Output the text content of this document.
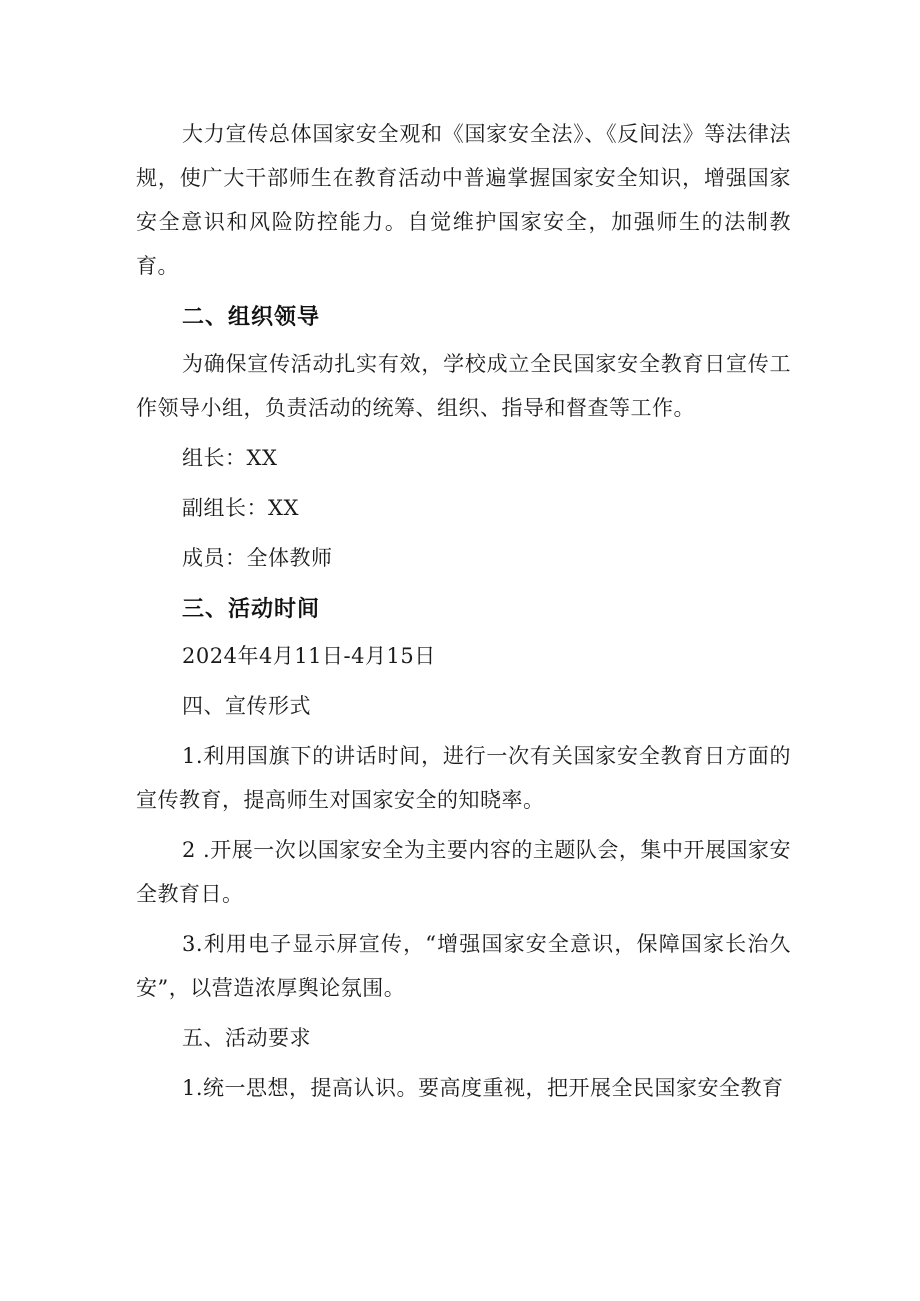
大力宣传总体国家安全观和《国家安全法》、《反间法》等法律法规，使广大干部师生在教育活动中普遍掌握国家安全知识，增强国家安全意识和风险防控能力。自觉维护国家安全，加强师生的法制教育。

二、组织领导

为确保宣传活动扎实有效，学校成立全民国家安全教育日宣传工作领导小组，负责活动的统筹、组织、指导和督查等工作。

组长：XX

副组长：XX

成员：全体教师

三、活动时间

2024年4月11日-4月15日

四、宣传形式

1.利用国旗下的讲话时间，进行一次有关国家安全教育日方面的宣传教育，提高师生对国家安全的知晓率。

2 .开展一次以国家安全为主要内容的主题队会，集中开展国家安全教育日。

3.利用电子显示屏宣传，“增强国家安全意识，保障国家长治久安”，以营造浓厚舆论氛围。

五、活动要求

1.统一思想，提高认识。要高度重视，把开展全民国家安全教育
